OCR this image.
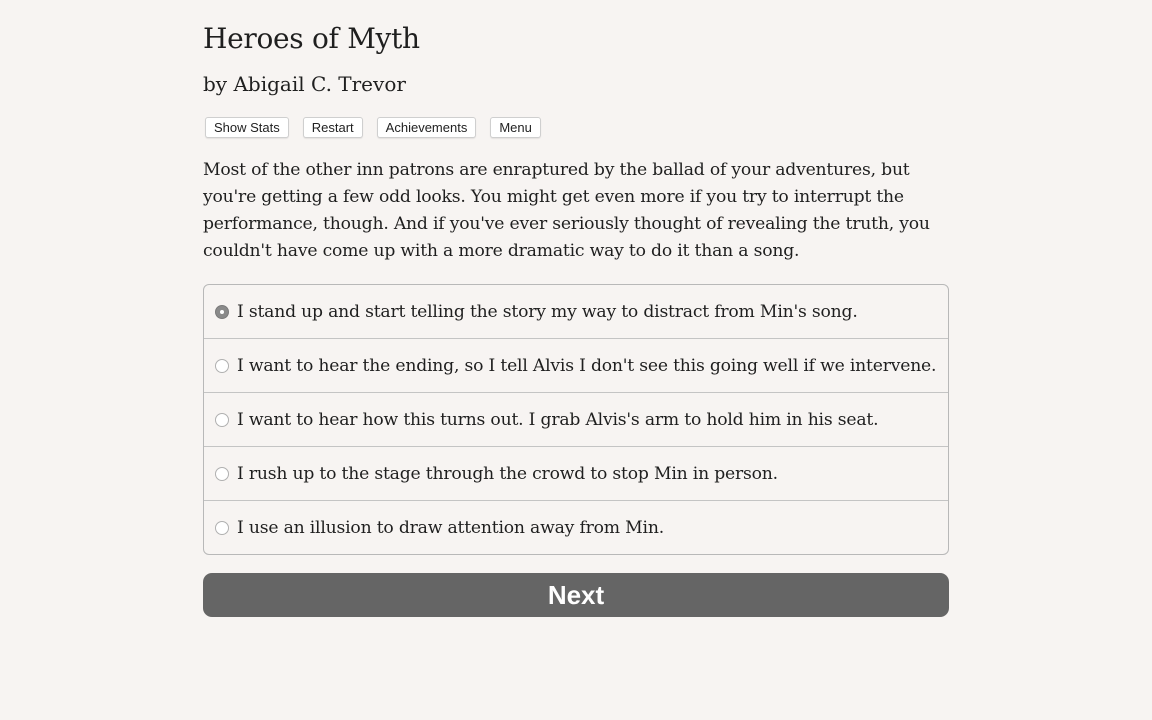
Heroes of Myth
by Abigail C. Trevor
Show Stats	Restart	Achievements	Menu

Most of the other inn patrons are enraptured by the ballad of your adventures, but you're getting a few odd looks. You might get even more if you try to interrupt the performance, though. And if you've ever seriously thought of revealing the truth, you couldn't have come up with a more dramatic way to do it than a song.

I stand up and start telling the story my way to distract from Min's song.
I want to hear the ending, so I tell Alvis I don't see this going well if we intervene.
I want to hear how this turns out. I grab Alvis's arm to hold him in his seat.
I rush up to the stage through the crowd to stop Min in person.
I use an illusion to draw attention away from Min.
Next
